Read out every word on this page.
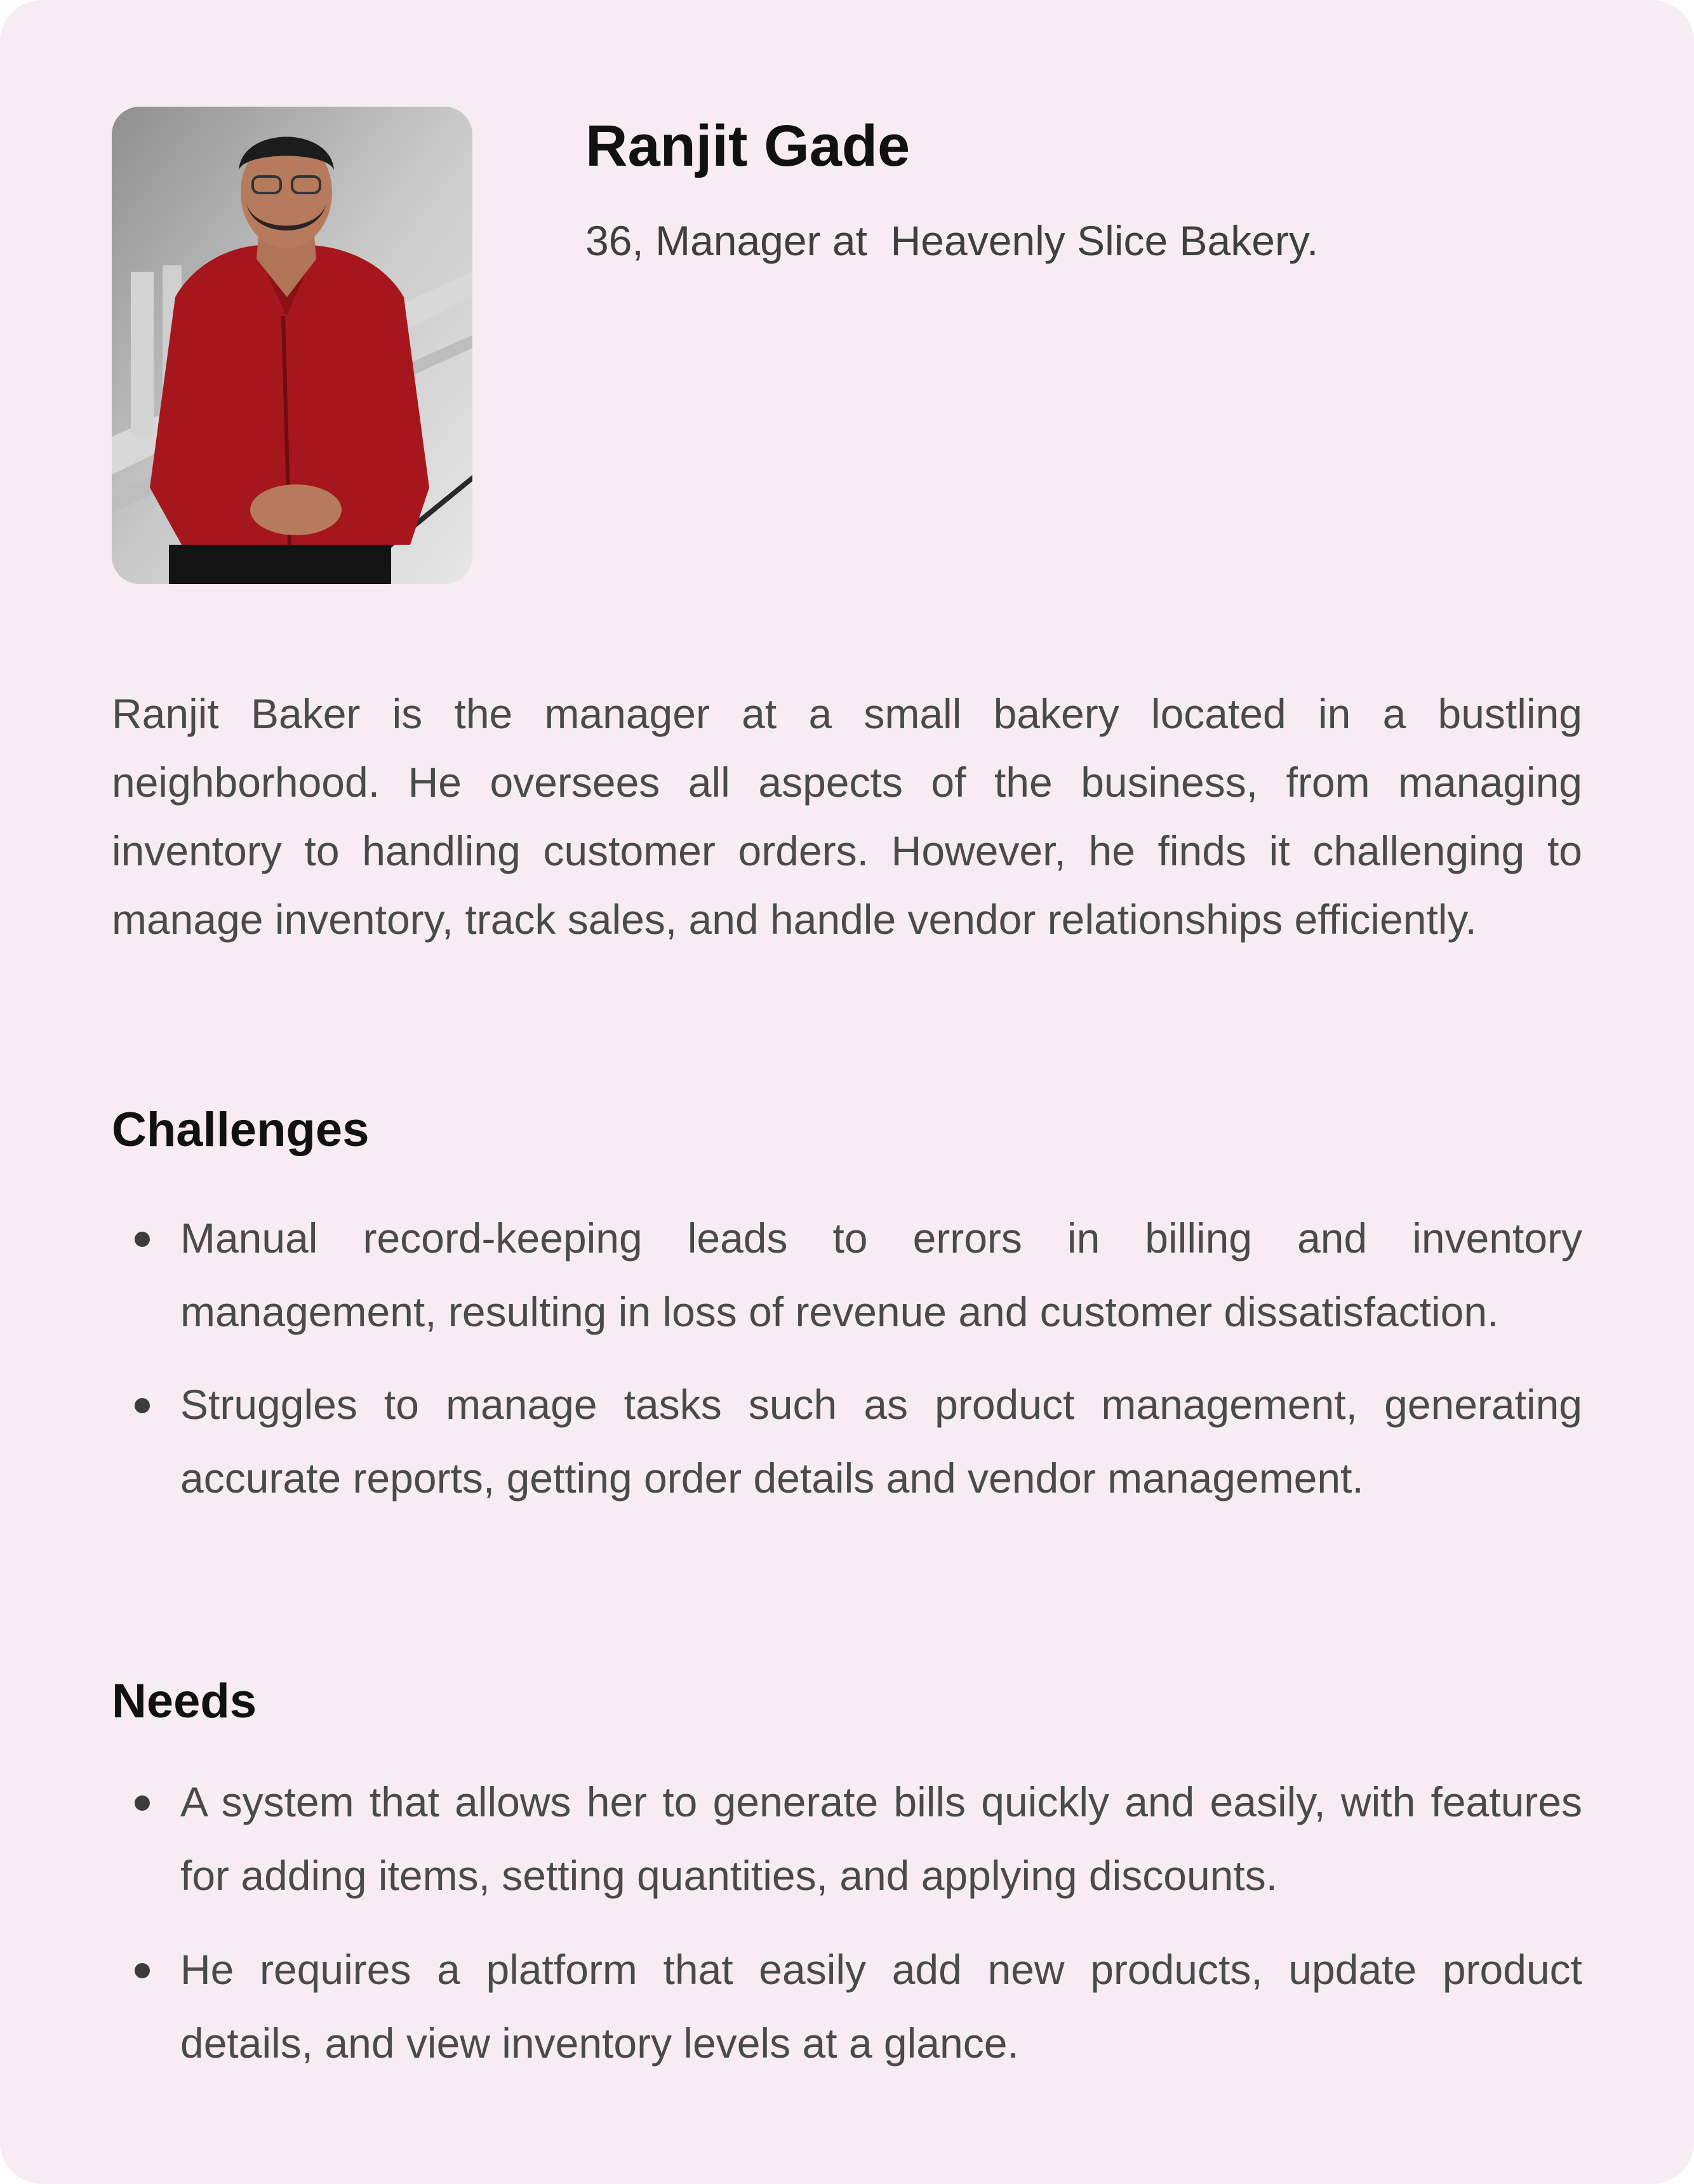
Ranjit Gade

36, Manager at  Heavenly Slice Bakery.

Ranjit Baker is the manager at a small bakery located in a bustling neighborhood. He oversees all aspects of the business, from managing inventory to handling customer orders. However, he finds it challenging to manage inventory, track sales, and handle vendor relationships efficiently.

Challenges
Manual record-keeping leads to errors in billing and inventory management, resulting in loss of revenue and customer dissatisfaction.
Struggles to manage tasks such as product management, generating accurate reports, getting order details and vendor management.
Needs
A system that allows her to generate bills quickly and easily, with features for adding items, setting quantities, and applying discounts.
He requires a platform that easily add new products, update product details, and view inventory levels at a glance.
